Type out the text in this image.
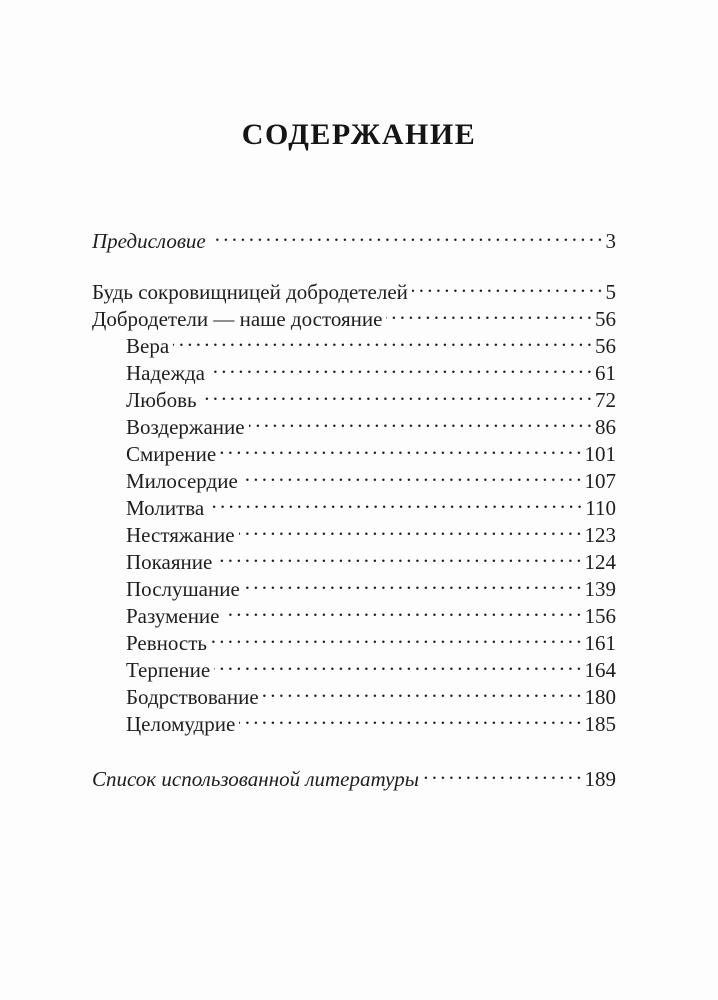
СОДЕРЖАНИЕ
Предисловие . . .	3
Будь сокровищницей добродетелей . . .	5
Добродетели — наше достояние . . .	56
Вера . . .	56
Надежда . . .	61
Любовь . . .	72
Воздержание . . .	86
Смирение . . .	101
Милосердие . . .	107
Молитва . . .	110
Нестяжание . . .	123
Покаяние . . .	124
Послушание . . .	139
Разумение . . .	156
Ревность . . .	161
Терпение . . .	164
Бодрствование . . .	180
Целомудрие . . .	185
Список использованной литературы . . .	189
